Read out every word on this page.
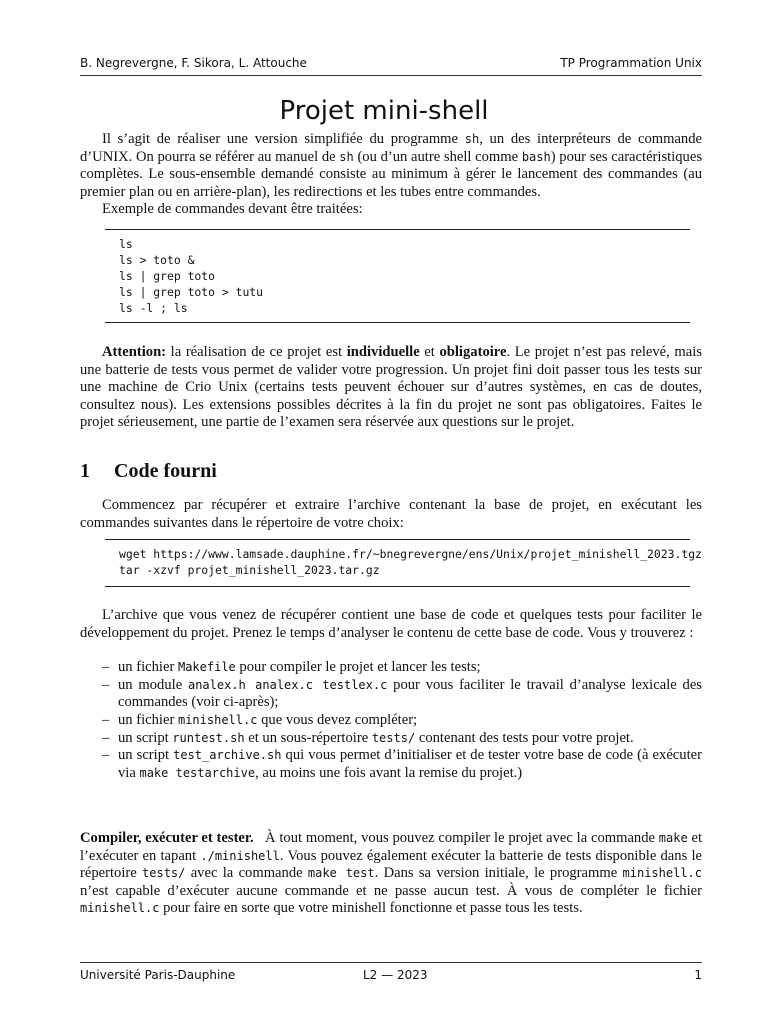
B. Negrevergne, F. Sikora, L. Attouche	TP Programmation Unix
Projet mini-shell

Il s’agit de réaliser une version simplifiée du programme sh, un des interpréteurs de commande d’UNIX. On pourra se référer au manuel de sh (ou d’un autre shell comme bash) pour ses caractéristiques complètes. Le sous-ensemble demandé consiste au minimum à gérer le lancement des commandes (au premier plan ou en arrière-plan), les redirections et les tubes entre commandes.

Exemple de commandes devant être traitées:

ls
ls > toto &
ls | grep toto
ls | grep toto > tutu
ls -l ; ls

Attention: la réalisation de ce projet est individuelle et obligatoire. Le projet n’est pas relevé, mais une batterie de tests vous permet de valider votre progression. Un projet fini doit passer tous les tests sur une machine de Crio Unix (certains tests peuvent échouer sur d’autres systèmes, en cas de doutes, consultez nous). Les extensions possibles décrites à la fin du projet ne sont pas obligatoires. Faites le projet sérieusement, une partie de l’examen sera réservée aux questions sur le projet.

1 Code fourni

Commencez par récupérer et extraire l’archive contenant la base de projet, en exécutant les commandes suivantes dans le répertoire de votre choix:

wget https://www.lamsade.dauphine.fr/~bnegrevergne/ens/Unix/projet_minishell_2023.tgz
tar -xzvf projet_minishell_2023.tar.gz

L’archive que vous venez de récupérer contient une base de code et quelques tests pour faciliter le développement du projet. Prenez le temps d’analyser le contenu de cette base de code. Vous y trouverez :

– un fichier Makefile pour compiler le projet et lancer les tests;
– un module analex.h analex.c testlex.c pour vous faciliter le travail d’analyse lexicale des commandes (voir ci-après);
– un fichier minishell.c que vous devez compléter;
– un script runtest.sh et un sous-répertoire tests/ contenant des tests pour votre projet.
– un script test_archive.sh qui vous permet d’initialiser et de tester votre base de code (à exécuter via make testarchive, au moins une fois avant la remise du projet.)

Compiler, exécuter et tester. À tout moment, vous pouvez compiler le projet avec la commande make et l’exécuter en tapant ./minishell. Vous pouvez également exécuter la batterie de tests disponible dans le répertoire tests/ avec la commande make test. Dans sa version initiale, le programme minishell.c n’est capable d’exécuter aucune commande et ne passe aucun test. À vous de compléter le fichier minishell.c pour faire en sorte que votre minishell fonctionne et passe tous les tests.

Université Paris-Dauphine	L2 — 2023	1
